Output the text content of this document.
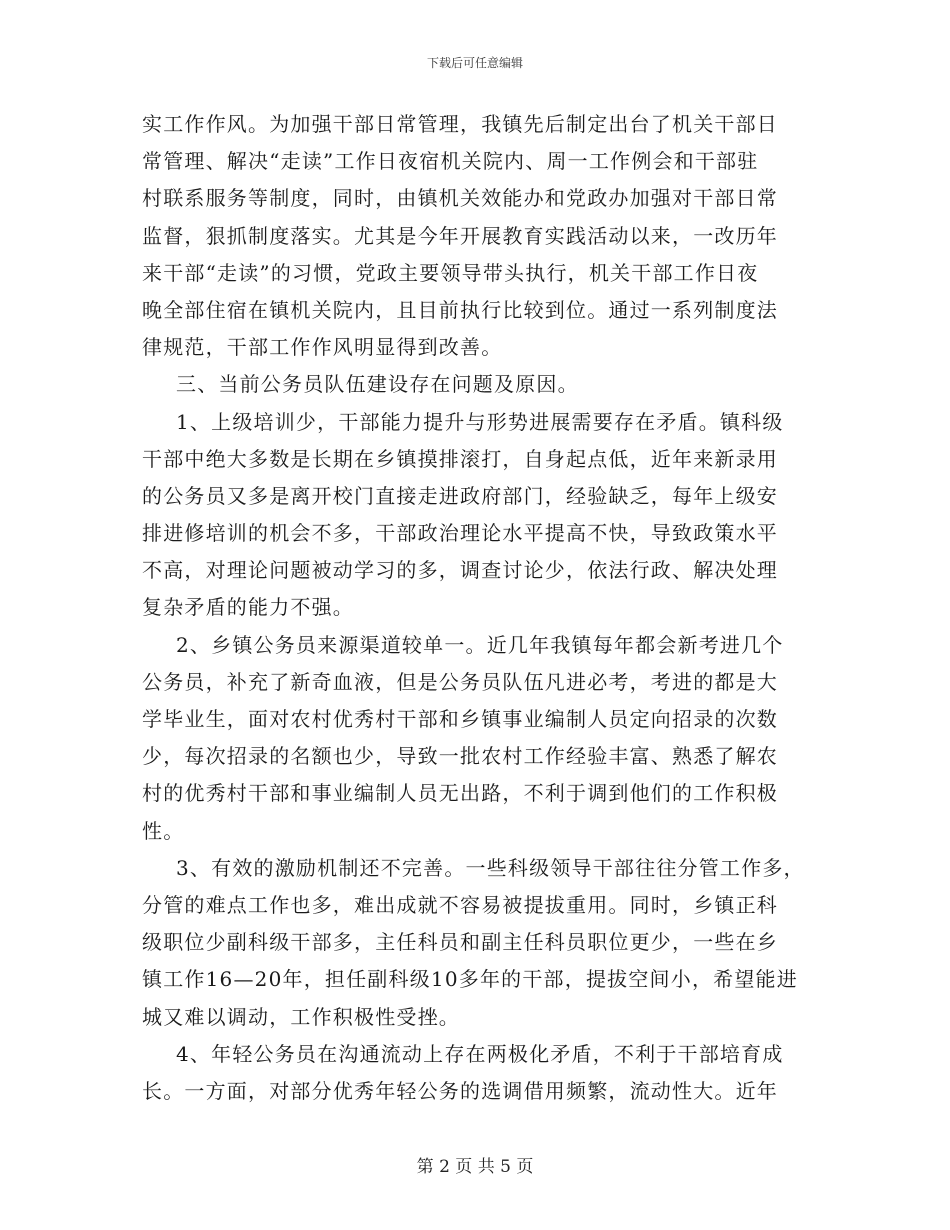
下载后可任意编辑
实工作作风。为加强干部日常管理，我镇先后制定出台了机关干部日
常管理、解决“走读”工作日夜宿机关院内、周一工作例会和干部驻
村联系服务等制度，同时，由镇机关效能办和党政办加强对干部日常
监督，狠抓制度落实。尤其是今年开展教育实践活动以来，一改历年
来干部“走读”的习惯，党政主要领导带头执行，机关干部工作日夜
晚全部住宿在镇机关院内，且目前执行比较到位。通过一系列制度法
律规范，干部工作作风明显得到改善。
三、当前公务员队伍建设存在问题及原因。
1、上级培训少，干部能力提升与形势进展需要存在矛盾。镇科级
干部中绝大多数是长期在乡镇摸排滚打，自身起点低，近年来新录用
的公务员又多是离开校门直接走进政府部门，经验缺乏，每年上级安
排进修培训的机会不多，干部政治理论水平提高不快，导致政策水平
不高，对理论问题被动学习的多，调查讨论少，依法行政、解决处理
复杂矛盾的能力不强。
2、乡镇公务员来源渠道较单一。近几年我镇每年都会新考进几个
公务员，补充了新奇血液，但是公务员队伍凡进必考，考进的都是大
学毕业生，面对农村优秀村干部和乡镇事业编制人员定向招录的次数
少，每次招录的名额也少，导致一批农村工作经验丰富、熟悉了解农
村的优秀村干部和事业编制人员无出路，不利于调到他们的工作积极
性。
3、有效的激励机制还不完善。一些科级领导干部往往分管工作多，
分管的难点工作也多，难出成就不容易被提拔重用。同时，乡镇正科
级职位少副科级干部多，主任科员和副主任科员职位更少，一些在乡
镇工作16—20年，担任副科级10多年的干部，提拔空间小，希望能进
城又难以调动，工作积极性受挫。
4、年轻公务员在沟通流动上存在两极化矛盾，不利于干部培育成
长。一方面，对部分优秀年轻公务的选调借用频繁，流动性大。近年
第 2 页 共 5 页
